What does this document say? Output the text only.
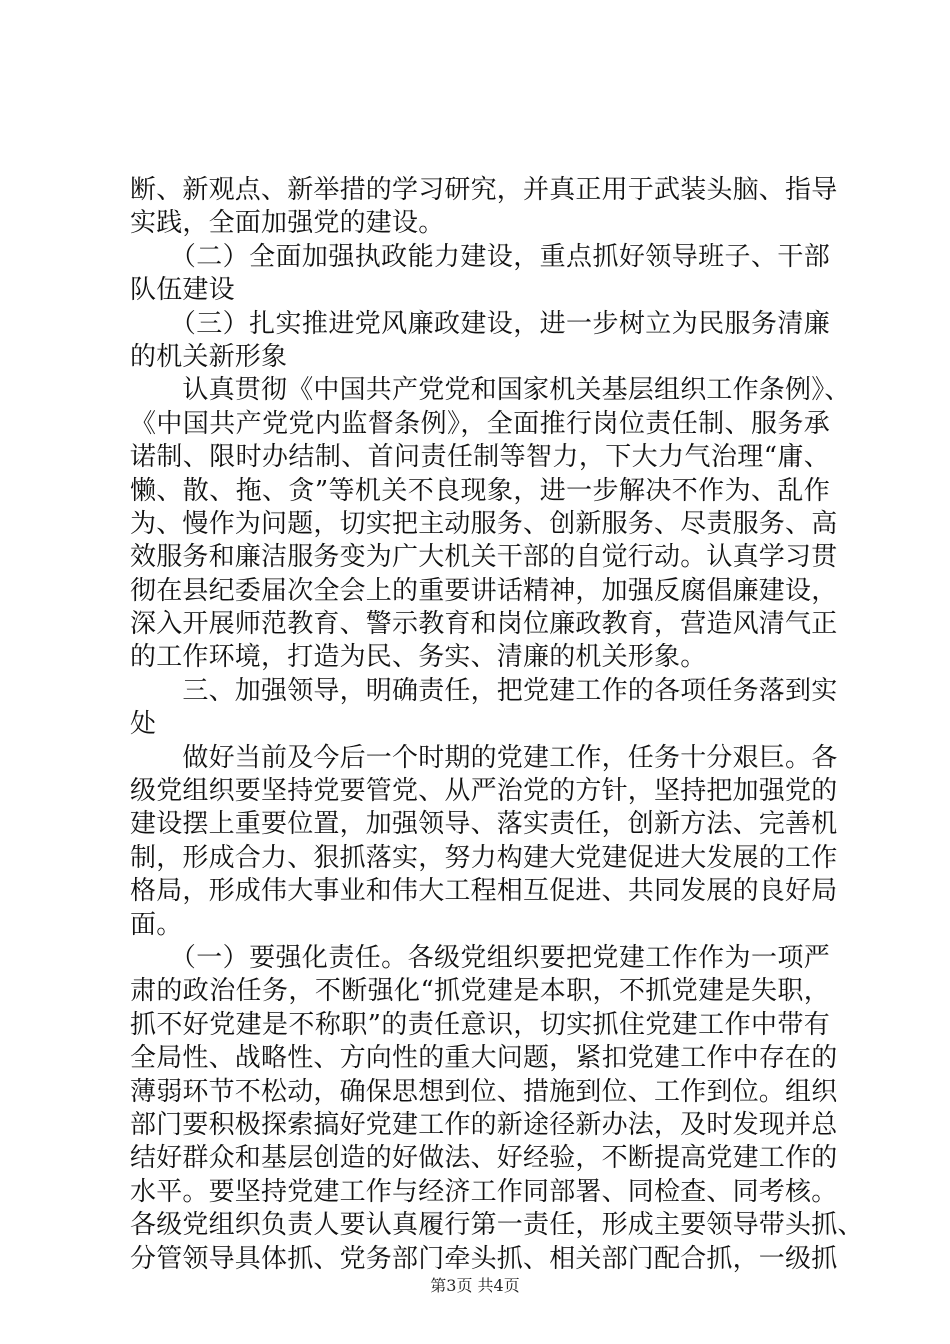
断、新观点、新举措的学习研究，并真正用于武装头脑、指导
实践，全面加强党的建设。
　　（二）全面加强执政能力建设，重点抓好领导班子、干部
队伍建设
　　（三）扎实推进党风廉政建设，进一步树立为民服务清廉
的机关新形象
　　认真贯彻《中国共产党党和国家机关基层组织工作条例》、
《中国共产党党内监督条例》，全面推行岗位责任制、服务承
诺制、限时办结制、首问责任制等智力，下大力气治理“庸、
懒、散、拖、贪”等机关不良现象，进一步解决不作为、乱作
为、慢作为问题，切实把主动服务、创新服务、尽责服务、高
效服务和廉洁服务变为广大机关干部的自觉行动。认真学习贯
彻在县纪委届次全会上的重要讲话精神，加强反腐倡廉建设，
深入开展师范教育、警示教育和岗位廉政教育，营造风清气正
的工作环境，打造为民、务实、清廉的机关形象。
　　三、加强领导，明确责任，把党建工作的各项任务落到实
处
　　做好当前及今后一个时期的党建工作，任务十分艰巨。各
级党组织要坚持党要管党、从严治党的方针，坚持把加强党的
建设摆上重要位置，加强领导、落实责任，创新方法、完善机
制，形成合力、狠抓落实，努力构建大党建促进大发展的工作
格局，形成伟大事业和伟大工程相互促进、共同发展的良好局
面。
　　（一）要强化责任。各级党组织要把党建工作作为一项严
肃的政治任务，不断强化“抓党建是本职，不抓党建是失职，
抓不好党建是不称职”的责任意识，切实抓住党建工作中带有
全局性、战略性、方向性的重大问题，紧扣党建工作中存在的
薄弱环节不松动，确保思想到位、措施到位、工作到位。组织
部门要积极探索搞好党建工作的新途径新办法，及时发现并总
结好群众和基层创造的好做法、好经验，不断提高党建工作的
水平。要坚持党建工作与经济工作同部署、同检查、同考核。
各级党组织负责人要认真履行第一责任，形成主要领导带头抓、
分管领导具体抓、党务部门牵头抓、相关部门配合抓，一级抓
第3页 共4页
